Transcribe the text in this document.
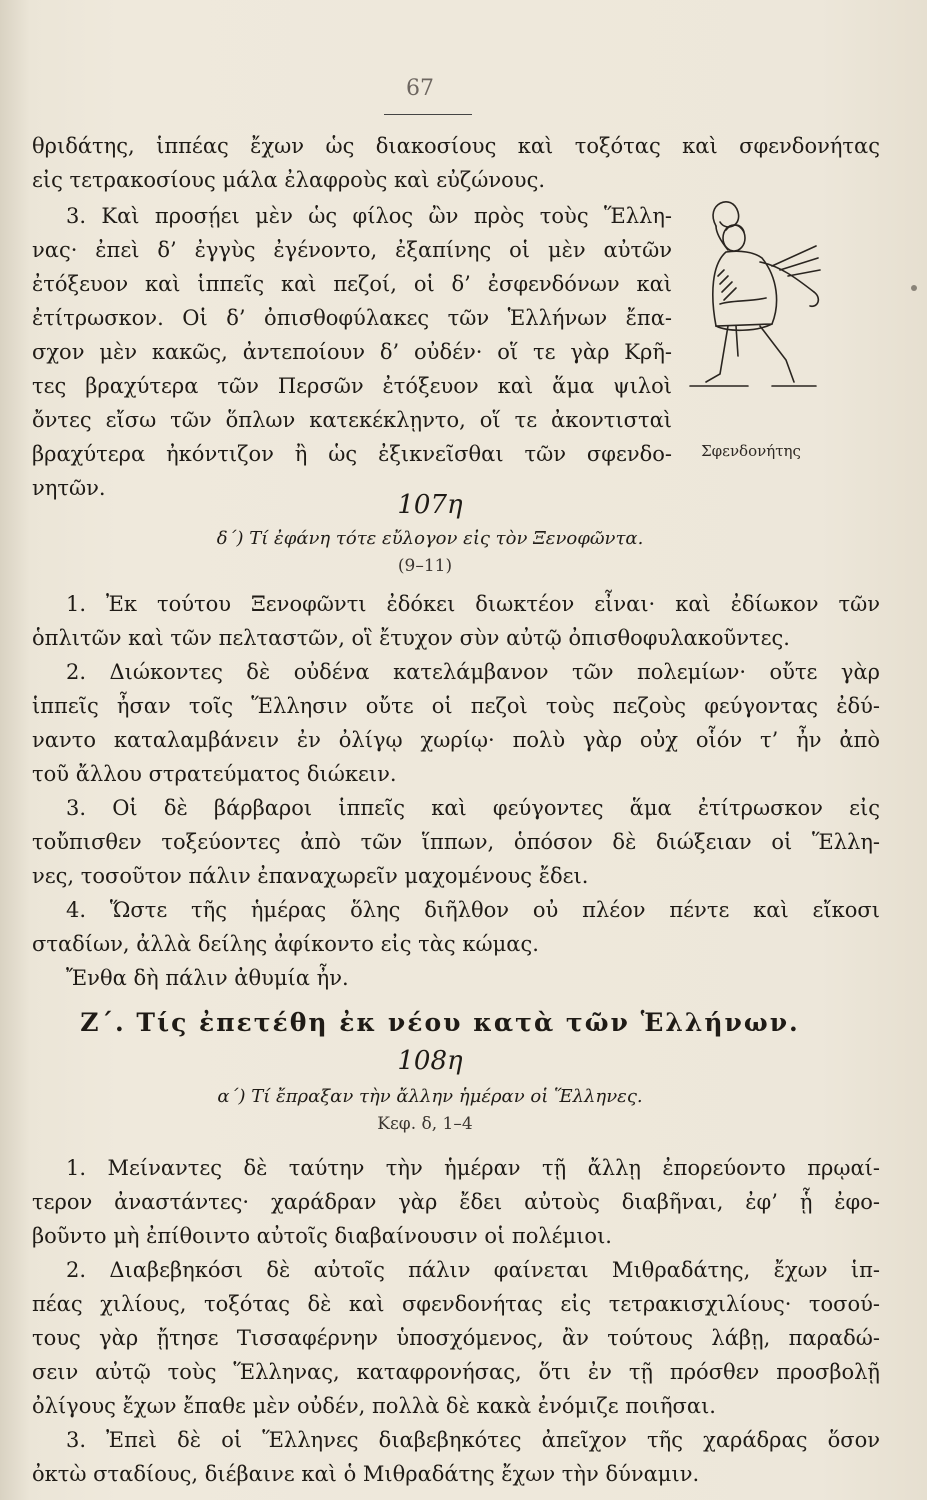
67
θριδάτης, ἱππέας ἔχων ὡς διακοσίους καὶ τοξότας καὶ σφενδονήτας
εἰς τετρακοσίους μάλα ἐλαφροὺς καὶ εὐζώνους.
3. Καὶ προσῄει μὲν ὡς φίλος ὢν πρὸς τοὺς Ἕλλη-
νας· ἐπεὶ δ’ ἐγγὺς ἐγένοντο, ἐξαπίνης οἱ μὲν αὐτῶν
ἐτόξευον καὶ ἱππεῖς καὶ πεζοί, οἱ δ’ ἐσφενδόνων καὶ
ἐτίτρωσκον. Οἱ δ’ ὀπισθοφύλακες τῶν Ἑλλήνων ἔπα-
σχον μὲν κακῶς, ἀντεποίουν δ’ οὐδέν· οἵ τε γὰρ Κρῆ-
τες βραχύτερα τῶν Περσῶν ἐτόξευον καὶ ἅμα ψιλοὶ
ὄντες εἴσω τῶν ὅπλων κατεκέκλῃντο, οἵ τε ἀκοντισταὶ
βραχύτερα ἠκόντιζον ἢ ὡς ἐξικνεῖσθαι τῶν σφενδο-
νητῶν.
Σφενδονήτης
107η
δ΄) Τί ἐφάνη τότε εὔλογον εἰς τὸν Ξενοφῶντα.
(9–11)
1. Ἐκ τούτου Ξενοφῶντι ἐδόκει διωκτέον εἶναι· καὶ ἐδίωκον τῶν
ὁπλιτῶν καὶ τῶν πελταστῶν, οἳ ἔτυχον σὺν αὐτῷ ὀπισθοφυλακοῦντες.
2. Διώκοντες δὲ οὐδένα κατελάμβανον τῶν πολεμίων· οὔτε γὰρ
ἱππεῖς ἦσαν τοῖς Ἕλλησιν οὔτε οἱ πεζοὶ τοὺς πεζοὺς φεύγοντας ἐδύ-
ναντο καταλαμβάνειν ἐν ὀλίγῳ χωρίῳ· πολὺ γὰρ οὐχ οἷόν τ’ ἦν ἀπὸ
τοῦ ἄλλου στρατεύματος διώκειν.
3. Οἱ δὲ βάρβαροι ἱππεῖς καὶ φεύγοντες ἅμα ἐτίτρωσκον εἰς
τοὔπισθεν τοξεύοντες ἀπὸ τῶν ἵππων, ὁπόσον δὲ διώξειαν οἱ Ἕλλη-
νες, τοσοῦτον πάλιν ἐπαναχωρεῖν μαχομένους ἔδει.
4. Ὥστε τῆς ἡμέρας ὅλης διῆλθον οὐ πλέον πέντε καὶ εἴκοσι
σταδίων, ἀλλὰ δείλης ἀφίκοντο εἰς τὰς κώμας.
Ἔνθα δὴ πάλιν ἀθυμία ἦν.
Ζ΄. Τίς ἐπετέθη ἐκ νέου κατὰ τῶν Ἑλλήνων.
108η
α΄) Τί ἔπραξαν τὴν ἄλλην ἡμέραν οἱ Ἕλληνες.
Κεφ. δ, 1–4
1. Μείναντες δὲ ταύτην τὴν ἡμέραν τῇ ἄλλῃ ἐπορεύοντο πρῳαί-
τερον ἀναστάντες· χαράδραν γὰρ ἔδει αὐτοὺς διαβῆναι, ἐφ’ ᾗ ἐφο-
βοῦντο μὴ ἐπίθοιντο αὐτοῖς διαβαίνουσιν οἱ πολέμιοι.
2. Διαβεβηκόσι δὲ αὐτοῖς πάλιν φαίνεται Μιθραδάτης, ἔχων ἱπ-
πέας χιλίους, τοξότας δὲ καὶ σφενδονήτας εἰς τετρακισχιλίους· τοσού-
τους γὰρ ᾔτησε Τισσαφέρνην ὑποσχόμενος, ἂν τούτους λάβῃ, παραδώ-
σειν αὐτῷ τοὺς Ἕλληνας, καταφρονήσας, ὅτι ἐν τῇ πρόσθεν προσβολῇ
ὀλίγους ἔχων ἔπαθε μὲν οὐδέν, πολλὰ δὲ κακὰ ἐνόμιζε ποιῆσαι.
3. Ἐπεὶ δὲ οἱ Ἕλληνες διαβεβηκότες ἀπεῖχον τῆς χαράδρας ὅσον
ὀκτὼ σταδίους, διέβαινε καὶ ὁ Μιθραδάτης ἔχων τὴν δύναμιν.
